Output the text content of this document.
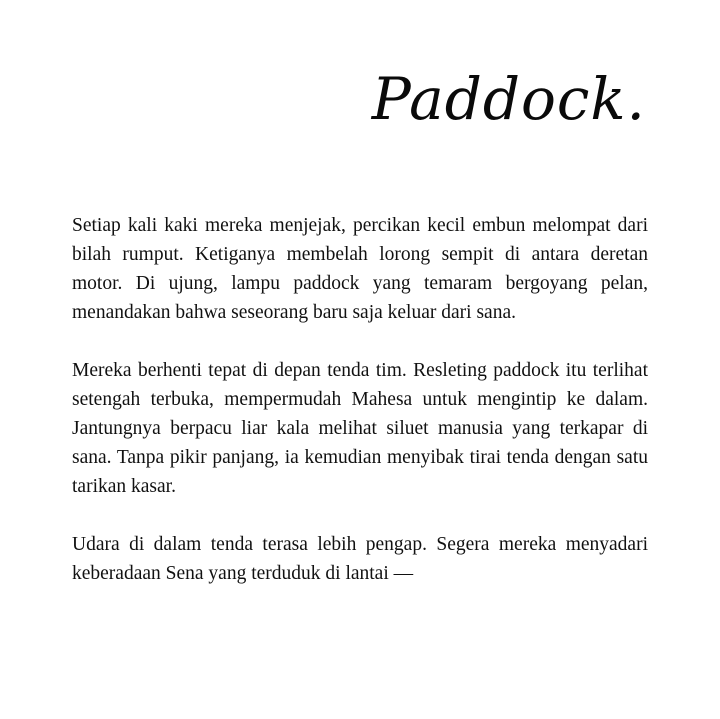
Paddock.

Setiap kali kaki mereka menjejak, percikan kecil embun melompat dari bilah rumput. Ketiganya membelah lorong sempit di antara deretan motor. Di ujung, lampu paddock yang temaram bergoyang pelan, menandakan bahwa seseorang baru saja keluar dari sana.

Mereka berhenti tepat di depan tenda tim. Resleting paddock itu terlihat setengah terbuka, mempermudah Mahesa untuk mengintip ke dalam. Jantungnya berpacu liar kala melihat siluet manusia yang terkapar di sana. Tanpa pikir panjang, ia kemudian menyibak tirai tenda dengan satu tarikan kasar.

Udara di dalam tenda terasa lebih pengap. Segera mereka menyadari keberadaan Sena yang terduduk di lantai —
